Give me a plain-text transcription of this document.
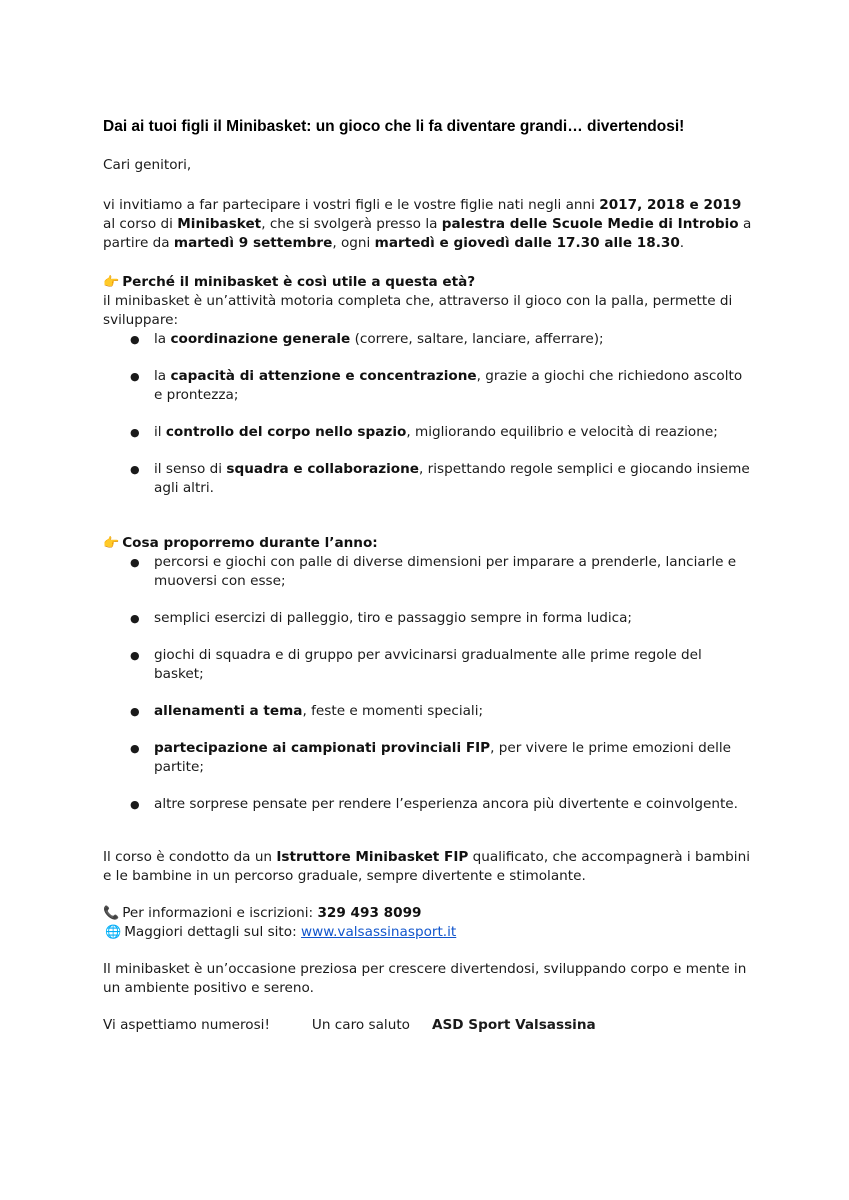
Dai ai tuoi figli il Minibasket: un gioco che li fa diventare grandi… divertendosi!

Cari genitori,

vi invitiamo a far partecipare i vostri figli e le vostre figlie nati negli anni 2017, 2018 e 2019 al corso di Minibasket, che si svolgerà presso la palestra delle Scuole Medie di Introbio a partire da martedì 9 settembre, ogni martedì e giovedì dalle 17.30 alle 18.30.

👉 Perché il minibasket è così utile a questa età?
il minibasket è un’attività motoria completa che, attraverso il gioco con la palla, permette di sviluppare:

● la coordinazione generale (correre, saltare, lanciare, afferrare);
● la capacità di attenzione e concentrazione, grazie a giochi che richiedono ascolto e prontezza;
● il controllo del corpo nello spazio, migliorando equilibrio e velocità di reazione;
● il senso di squadra e collaborazione, rispettando regole semplici e giocando insieme agli altri.

👉 Cosa proporremo durante l’anno:

● percorsi e giochi con palle di diverse dimensioni per imparare a prenderle, lanciarle e muoversi con esse;
● semplici esercizi di palleggio, tiro e passaggio sempre in forma ludica;
● giochi di squadra e di gruppo per avvicinarsi gradualmente alle prime regole del basket;
● allenamenti a tema, feste e momenti speciali;
● partecipazione ai campionati provinciali FIP, per vivere le prime emozioni delle partite;
● altre sorprese pensate per rendere l’esperienza ancora più divertente e coinvolgente.

Il corso è condotto da un Istruttore Minibasket FIP qualificato, che accompagnerà i bambini e le bambine in un percorso graduale, sempre divertente e stimolante.

📞 Per informazioni e iscrizioni: 329 493 8099
🌐 Maggiori dettagli sul sito: www.valsassinasport.it

Il minibasket è un’occasione preziosa per crescere divertendosi, sviluppando corpo e mente in un ambiente positivo e sereno.

Vi aspettiamo numerosi!	Un caro saluto ASD Sport Valsassina
